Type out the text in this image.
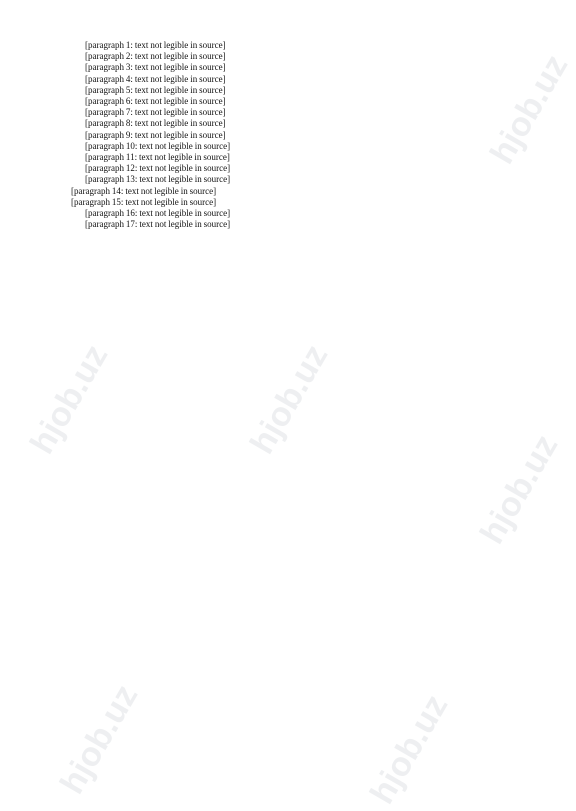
hjob.uz
hjob.uz	hjob.uz
hjob.uz
hjob.uz	hjob.uz

[paragraph 1: text not legible in source]

[paragraph 2: text not legible in source]

[paragraph 3: text not legible in source]

[paragraph 4: text not legible in source]

[paragraph 5: text not legible in source]

[paragraph 6: text not legible in source]

[paragraph 7: text not legible in source]

[paragraph 8: text not legible in source]

[paragraph 9: text not legible in source]

[paragraph 10: text not legible in source]

[paragraph 11: text not legible in source]

[paragraph 12: text not legible in source]

[paragraph 13: text not legible in source]

[paragraph 14: text not legible in source]

[paragraph 15: text not legible in source]

[paragraph 16: text not legible in source]

[paragraph 17: text not legible in source]
